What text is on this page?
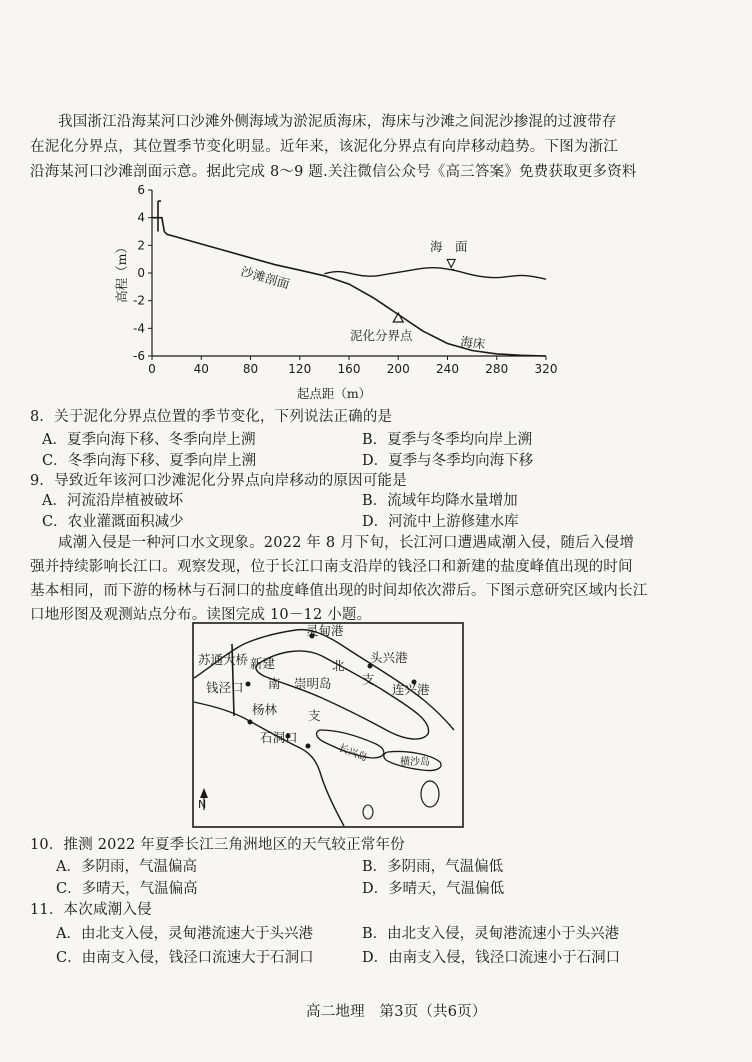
我国浙江沿海某河口沙滩外侧海域为淤泥质海床，海床与沙滩之间泥沙掺混的过渡带存
在泥化分界点，其位置季节变化明显。近年来，该泥化分界点有向岸移动趋势。下图为浙江
沿海某河口沙滩剖面示意。据此完成 8～9 题.关注微信公众号《高三答案》免费获取更多资料
0	40	80	120 160 200 240 280 320
6
4
2
0
-2
-4
-6
海　面
沙滩剖面
泥化分界点	海床
起点距（m）
高程（m）
8．关于泥化分界点位置的季节变化，下列说法正确的是
A．夏季向海下移、冬季向岸上溯	B．夏季与冬季均向岸上溯
C．冬季向海下移、夏季向岸上溯	D．夏季与冬季均向海下移
9．导致近年该河口沙滩泥化分界点向岸移动的原因可能是
A．河流沿岸植被破坏	B．流域年均降水量增加
C．农业灌溉面积减少	D．河流中上游修建水库
咸潮入侵是一种河口水文现象。2022 年 8 月下旬，长江河口遭遇咸潮入侵，随后入侵增
强并持续影响长江口。观察发现，位于长江口南支沿岸的钱泾口和新建的盐度峰值出现的时间
基本相同，而下游的杨林与石洞口的盐度峰值出现的时间却依次滞后。下图示意研究区域内长江
口地形图及观测站点分布。读图完成 10－12 小题。
灵甸港
头兴港
苏通大桥 新建	北
支
连兴港
钱泾口 南 崇明岛
杨林 支
石洞口
长兴岛	横沙岛
N
10．推测 2022 年夏季长江三角洲地区的天气较正常年份
A．多阴雨，气温偏高	B．多阴雨，气温偏低
C．多晴天，气温偏高	D．多晴天，气温偏低
11．本次咸潮入侵
A．由北支入侵，灵甸港流速大于头兴港	B．由北支入侵，灵甸港流速小于头兴港
C．由南支入侵，钱泾口流速大于石洞口	D．由南支入侵，钱泾口流速小于石洞口
高二地理　第3页（共6页）
